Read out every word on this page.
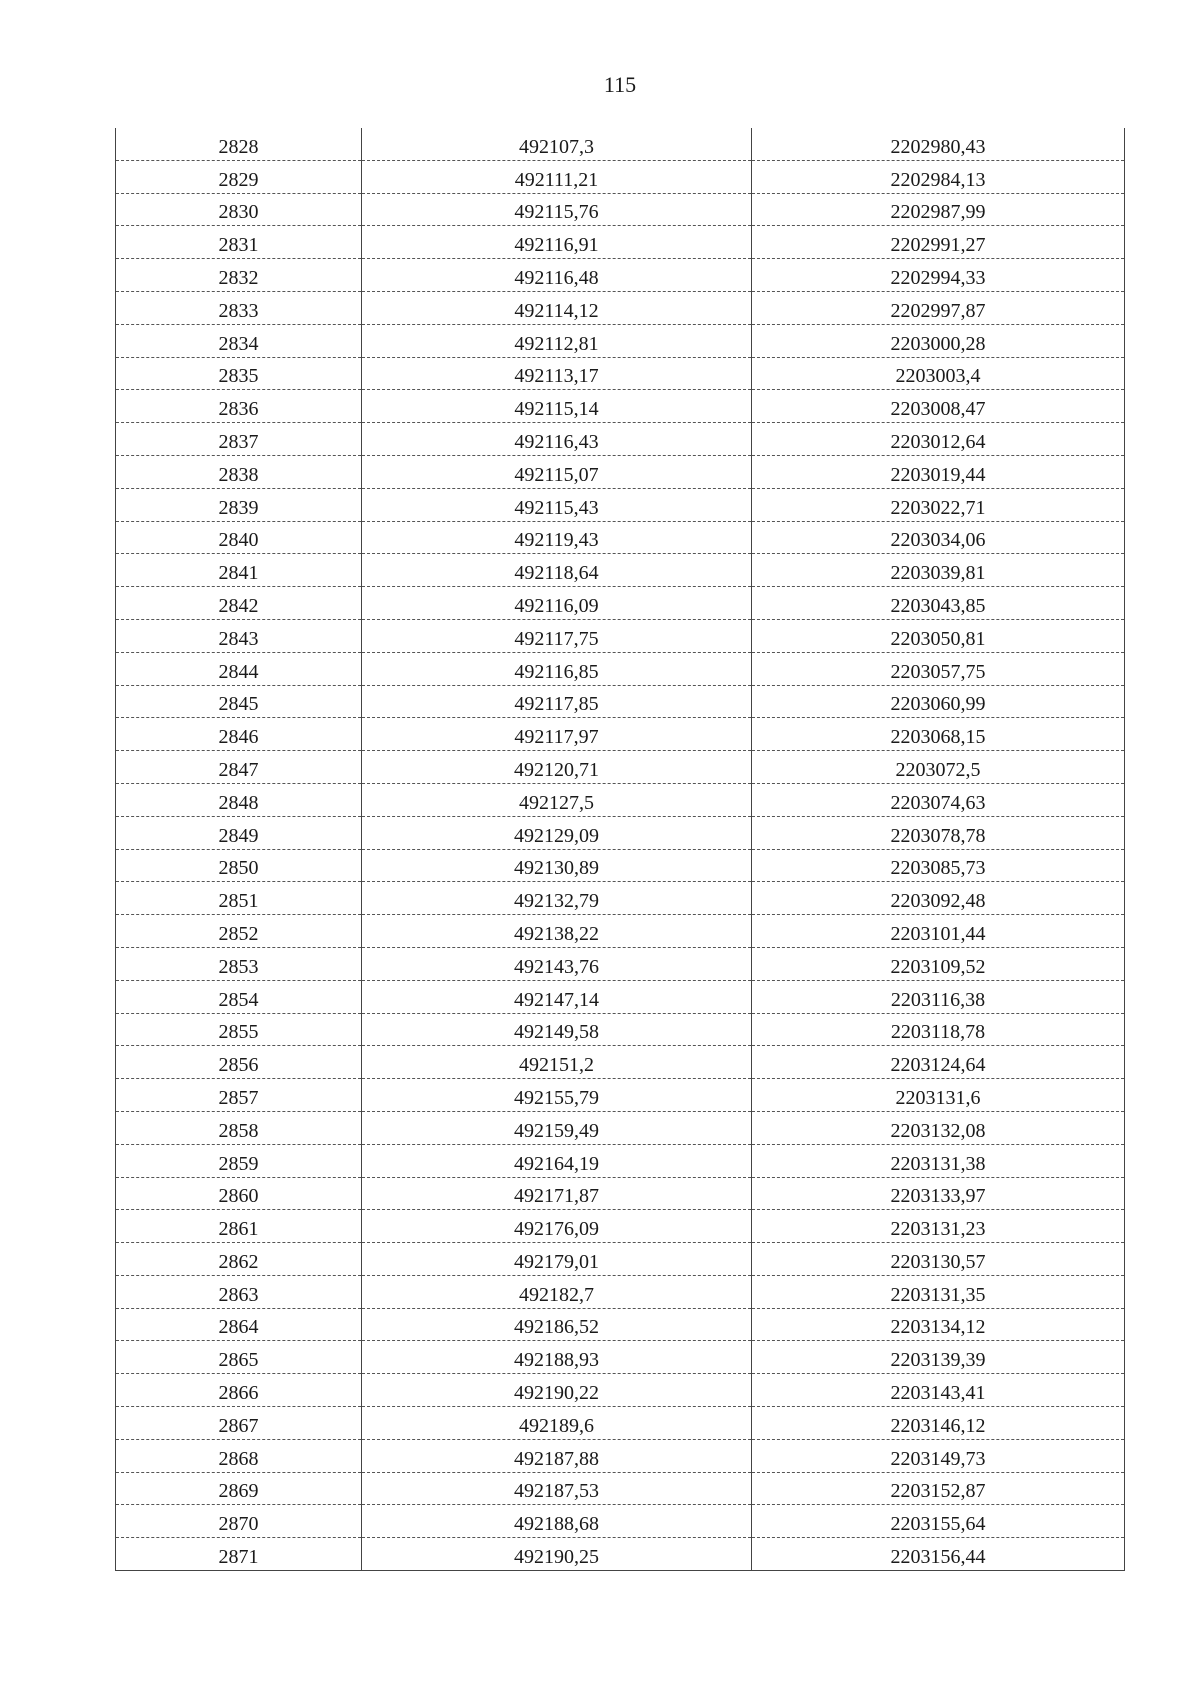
115
2828	492107,3	2202980,43
2829	492111,21	2202984,13
2830	492115,76	2202987,99
2831	492116,91	2202991,27
2832	492116,48	2202994,33
2833	492114,12	2202997,87
2834	492112,81	2203000,28
2835	492113,17	2203003,4
2836	492115,14	2203008,47
2837	492116,43	2203012,64
2838	492115,07	2203019,44
2839	492115,43	2203022,71
2840	492119,43	2203034,06
2841	492118,64	2203039,81
2842	492116,09	2203043,85
2843	492117,75	2203050,81
2844	492116,85	2203057,75
2845	492117,85	2203060,99
2846	492117,97	2203068,15
2847	492120,71	2203072,5
2848	492127,5	2203074,63
2849	492129,09	2203078,78
2850	492130,89	2203085,73
2851	492132,79	2203092,48
2852	492138,22	2203101,44
2853	492143,76	2203109,52
2854	492147,14	2203116,38
2855	492149,58	2203118,78
2856	492151,2	2203124,64
2857	492155,79	2203131,6
2858	492159,49	2203132,08
2859	492164,19	2203131,38
2860	492171,87	2203133,97
2861	492176,09	2203131,23
2862	492179,01	2203130,57
2863	492182,7	2203131,35
2864	492186,52	2203134,12
2865	492188,93	2203139,39
2866	492190,22	2203143,41
2867	492189,6	2203146,12
2868	492187,88	2203149,73
2869	492187,53	2203152,87
2870	492188,68	2203155,64
2871	492190,25	2203156,44
